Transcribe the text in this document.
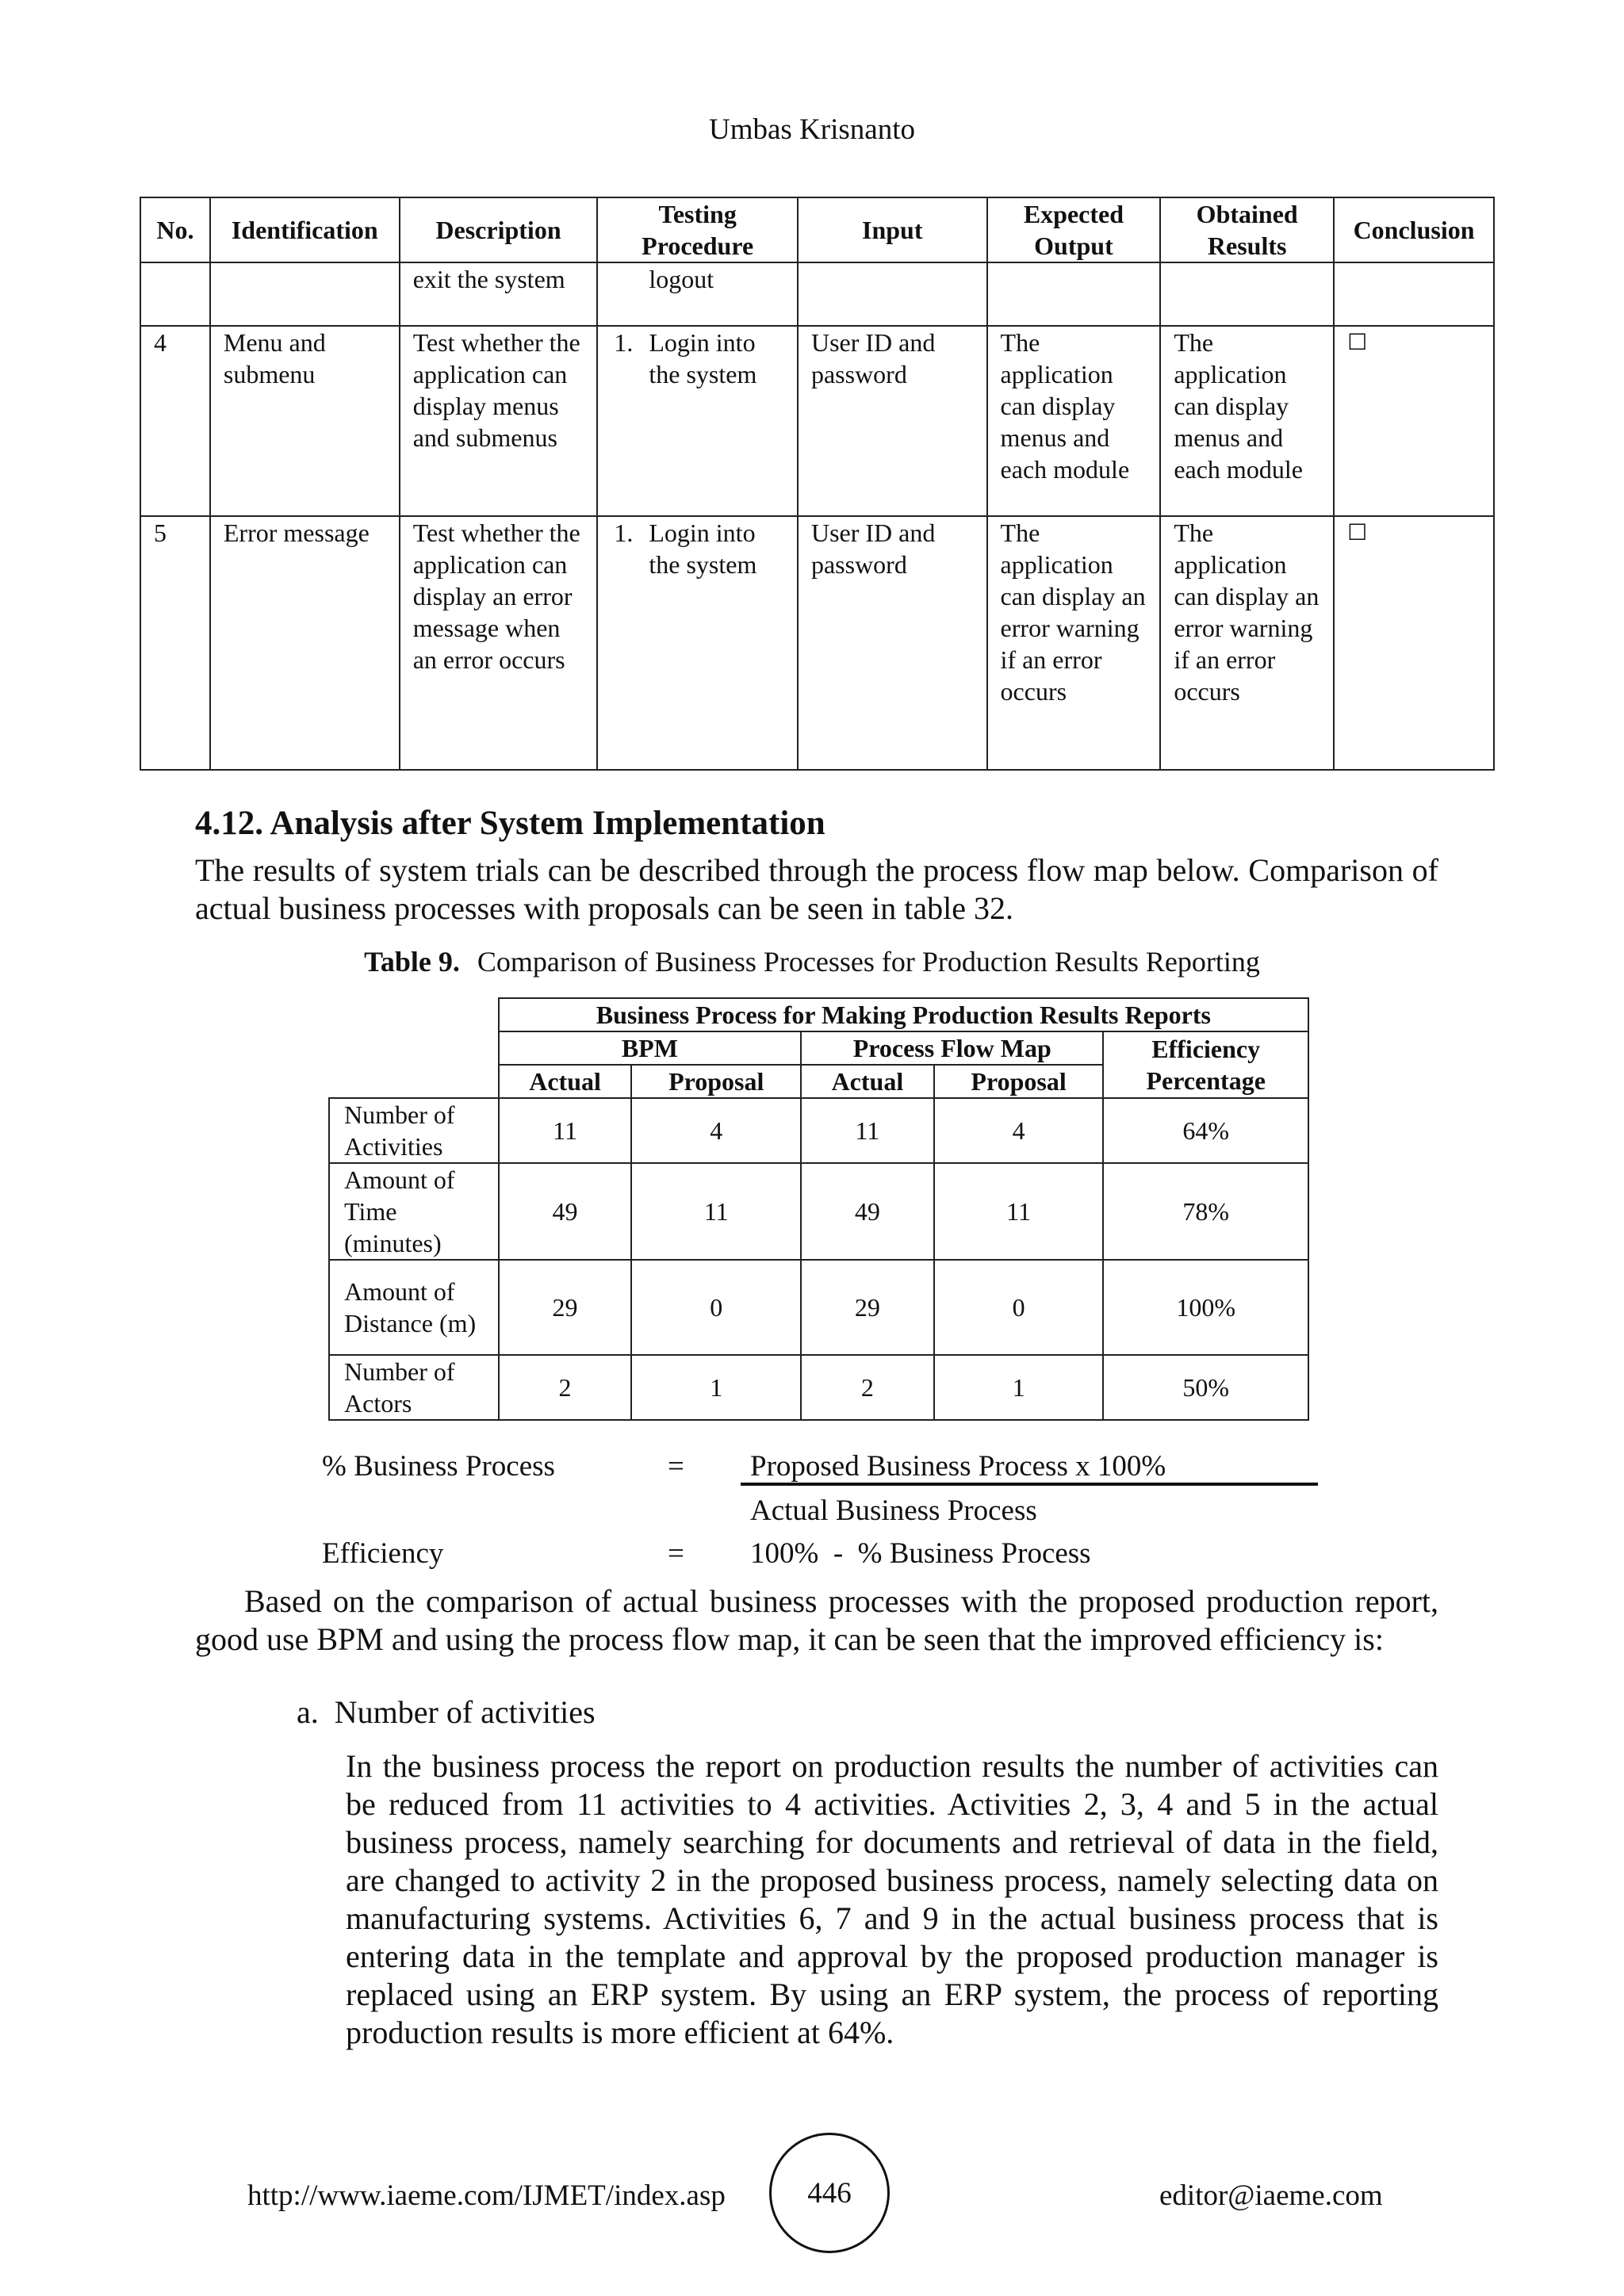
Umbas Krisnanto
No.	Identification	Description	Testing Procedure	Input	Expected Output	Obtained Results	Conclusion
		exit the system	logout				

4	Menu and submenu	Test whether the application can display menus and submenus	1. Login into the system	User ID and password	The application can display menus and each module	The application can display menus and each module	☐
5	Error message	Test whether the application can display an error message when an error occurs	1. Login into the system	User ID and password	The application can display an error warning if an error occurs	The application can display an error warning if an error occurs	☐
4.12. Analysis after System Implementation
The results of system trials can be described through the process flow map below. Comparison of actual business processes with proposals can be seen in table 32.
Table 9. Comparison of Business Processes for Production Results Reporting
	Business Process for Making Production Results Reports				
	BPM		Process Flow Map		Efficiency Percentage
	Actual	Proposal	Actual	Proposal	
Number of Activities	11	4	11	4	64%
Amount of Time (minutes)	49	11	49	11	78%
Amount of Distance (m)	29	0	29	0	100%
Number of Actors	2	1	2	1	50%
% Business Process	= Proposed Business Process x 100%
Actual Business Process
Efficiency	= 100%  -  % Business Process
Based on the comparison of actual business processes with the proposed production report, good use BPM and using the process flow map, it can be seen that the improved efficiency is:
a. Number of activities
In the business process the report on production results the number of activities can be reduced from 11 activities to 4 activities. Activities 2, 3, 4 and 5 in the actual business process, namely searching for documents and retrieval of data in the field, are changed to activity 2 in the proposed business process, namely selecting data on manufacturing systems. Activities 6, 7 and 9 in the actual business process that is entering data in the template and approval by the proposed production manager is replaced using an ERP system. By using an ERP system, the process of reporting production results is more efficient at 64%.
http://www.iaeme.com/IJMET/index.asp	446	editor@iaeme.com
